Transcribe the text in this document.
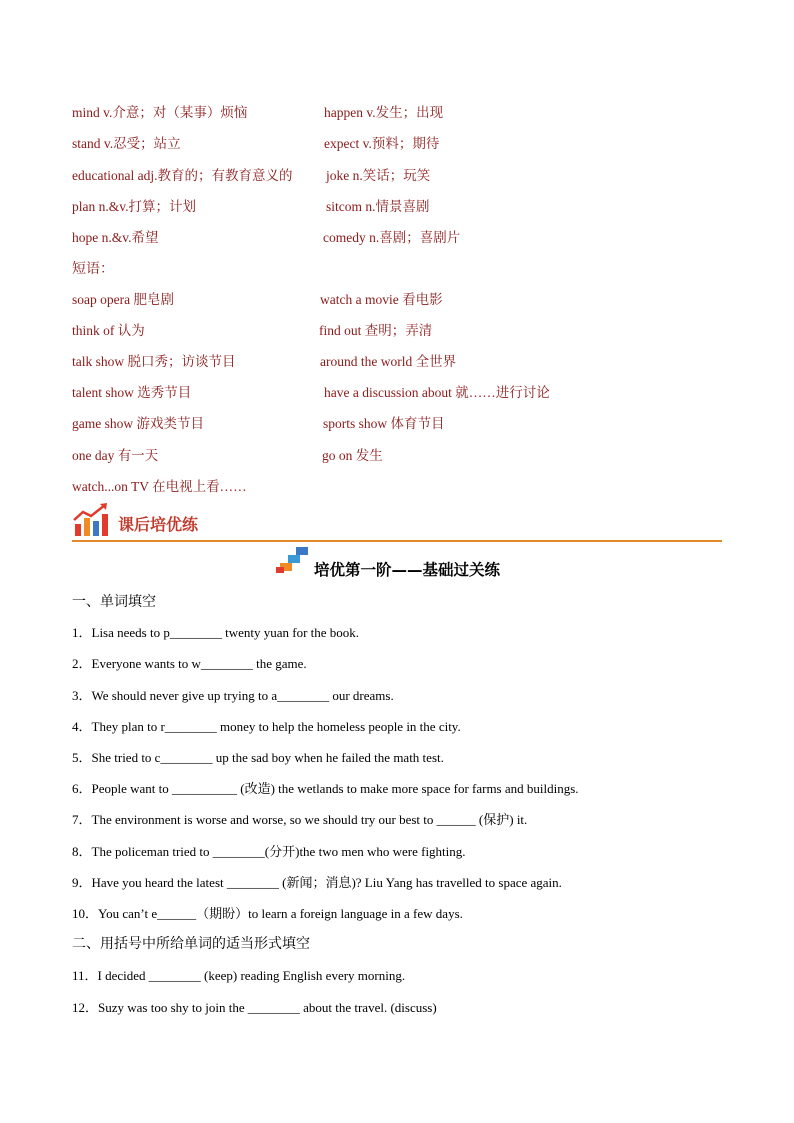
mind v.介意；对（某事）烦恼	happen v.发生；出现
stand v.忍受；站立	expect v.预料；期待
educational adj.教育的；有教育意义的 joke n.笑话；玩笑
plan n.&v.打算；计划	sitcom n.情景喜剧
hope n.&v.希望	comedy n.喜剧；喜剧片
短语：
soap opera 肥皂剧	watch a movie 看电影
think of 认为	find out 查明；弄清
talk show 脱口秀；访谈节目	around the world 全世界
talent show 选秀节目	have a discussion about 就……进行讨论
game show 游戏类节目	sports show 体育节目
one day 有一天	go on 发生
watch...on TV 在电视上看……
课后培优练
培优第一阶——基础过关练
一、单词填空
1．Lisa needs to p________ twenty yuan for the book.
2．Everyone wants to w________ the game.
3．We should never give up trying to a________ our dreams.
4．They plan to r________ money to help the homeless people in the city.
5．She tried to c________ up the sad boy when he failed the math test.
6．People want to __________ (改造) the wetlands to make more space for farms and buildings.
7．The environment is worse and worse, so we should try our best to ______ (保护) it.
8．The policeman tried to ________(分开)the two men who were fighting.
9．Have you heard the latest ________ (新闻；消息)? Liu Yang has travelled to space again.
10．You can’t e______（期盼）to learn a foreign language in a few days.
二、用括号中所给单词的适当形式填空
11．I decided ________ (keep) reading English every morning.
12．Suzy was too shy to join the ________ about the travel. (discuss)
